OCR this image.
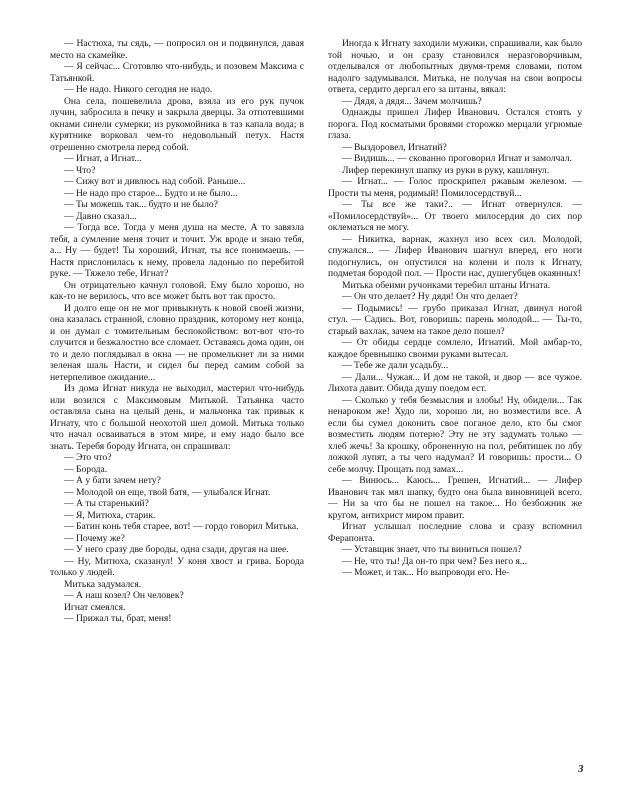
— Настюха, ты сядь, — попросил он и подвинулся, давая место на скамейке.

— Я сейчас... Сготовлю что-нибудь, и позовем Максима с Татьянкой.

— Не надо. Никого сегодня не надо.

Она села, пошевелила дрова, взяла из его рук пучок лучин, забросила в печку и закрыла дверцы. За отпотевшими окнами синели сумерки; из рукомойника в таз капала вода; в курятнике ворковал чем-то недовольный петух. Настя отрешенно смотрела перед собой.

— Игнат, а Игнат...

— Что?

— Сижу вот и дивлюсь над собой. Раньше...

— Не надо про старое... Будто и не было...

— Ты можешь так... будто и не было?

— Давно сказал...

— Тогда все. Тогда у меня душа на месте. А то завязла тебя, а сумление меня точит и точит. Уж вроде и знаю тебя, а... Ну — будет! Ты хороший, Игнат, ты все понимаешь. — Настя прислонилась к нему, провела ладонью по перебитой руке. — Тяжело тебе, Игнат?

Он отрицательно качнул головой. Ему было хорошо, но как-то не верилось, что все может быть вот так просто.

И долго еще он не мог привыкнуть к новой своей жизни, она казалась странной, словно праздник, которому нет конца, и он думал с томительным беспокойством: вот-вот что-то случится и безжалостно все сломает. Оставаясь дома один, он то и дело поглядывал в окна — не промелькнет ли за ними зеленая шаль Насти, и сидел бы перед самим собой за нетерпеливое ожидание...

Из дома Игнат никуда не выходил, мастерил что-нибудь или возился с Максимовым Митькой. Татьянка часто оставляла сына на целый день, и мальчонка так привык к Игнату, что с большой неохотой шел домой. Митька только что начал осваиваться в этом мире, и ему надо было все знать. Теребя бороду Игната, он спрашивал:

— Это что?

— Борода.

— А у бати зачем нету?

— Молодой он еще, твой батя, — улыбался Игнат.

— А ты старенький?

— Я, Митюха, старик.

— Батин конь тебя старее, вот! — гордо говорил Митька.

— Почему же?

— У него сразу две бороды, одна сзади, другая на шее.

— Ну, Митюха, сказанул! У коня хвост и грива. Борода только у людей.

Митька задумался.

— А наш козел? Он человек?

Игнат смеялся.

— Прижал ты, брат, меня!

Иногда к Игнату заходили мужики, спрашивали, как было той ночью, и он сразу становился неразговорчивым, отделывался от любопытных двумя-тремя словами, потом надолго задумывался. Митька, не получая на свои вопросы ответа, сердито дергал его за штаны, вякал:

— Дядя, а дядя... Зачем молчишь?

Однажды пришел Лифер Иванович. Остался стоять у порога. Под косматыми бровями сторожко мерцали угрюмые глаза.

— Выздоровел, Игнатий?

— Видишь... — скованно проговорил Игнат и замолчал.

Лифер перекинул шапку из руки в руку, кашлянул.

— Игнат... — Голос проскрипел ржавым железом. — Прости ты меня, родимый! Помилосердствуй...

— Ты все же таки?.. — Игнат отвернулся. — «Помилосердствуй»... От твоего милосердия до сих пор оклематься не могу.

— Никитка, варнак, жахнул изо всех сил. Молодой, спужался... — Лифер Иванович шагнул вперед, его ноги подогнулись, он опустился на колени и полз к Игнату, подметая бородой пол. — Прости нас, душегубцев окаянных!

Митька обеими ручонками теребил штаны Игната.

— Он что делает? Ну дядя! Он что делает?

— Подымись! — грубо приказал Игнат, двинул ногой стул. — Садись. Вот, говоришь: парень молодой... — Ты-то, старый вахлак, зачем на такое дело пошел?

— От обиды сердце сомлело, Игнатий. Мой амбар-то, каждое бревнышко своими руками вытесал.

— Тебе же дали усадьбу...

— Дали... Чужая... И дом не такой, и двор — все чужое. Лихота давит. Обида душу поедом ест.

— Сколько у тебя безмыслия и злобы! Ну, обидели... Так ненароком же! Худо ли, хорошо ли, но возместили все. А если бы сумел доконить свое поганое дело, кто бы смог возместить людям потерю? Эту не эту задумать только — хлеб жечь! За крошку, оброненную на пол, ребятишек по лбу ложкой лупят, а ты чего надумал? И говоришь: прости... О себе молчу. Прощать под замах...

— Винюсь... Каюсь... Грешен, Игнатий... — Лифер Иванович так мял шапку, будто она была виновницей всего. — Ни за что бы не пошел на такое... Но безбожник же кругом, антихрист миром правит.

Игнат услышал последние слова и сразу вспомнил Ферапонта.

— Уставщик знает, что ты виниться пошел?

— Не, что ты! Да он-то при чем? Без него я...

— Может, и так... Но выпроводи его. Не-

3
